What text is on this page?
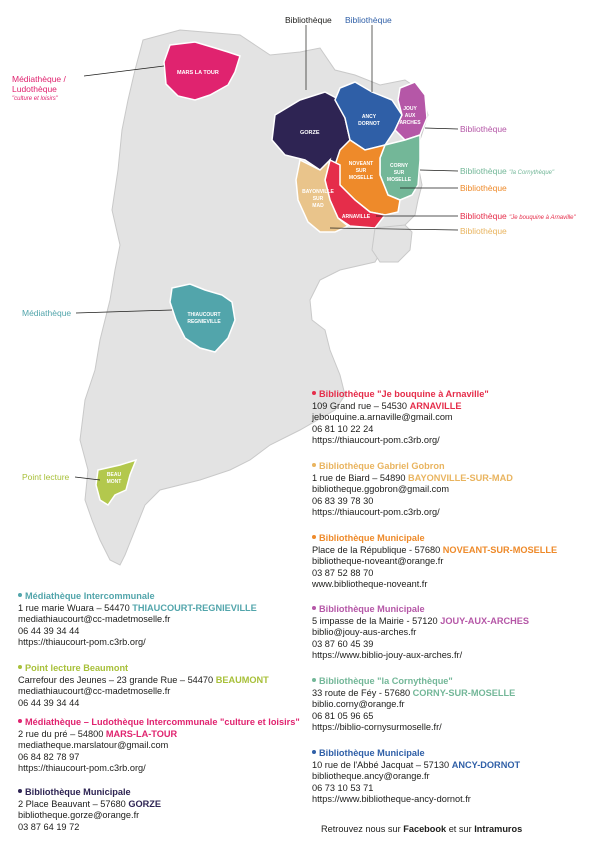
MARS LA TOUR
GORZE
ANCY
DORNOT
JOUY
AUX
ARCHES
CORNY
SUR
MOSELLE
NOVEANT
SUR
MOSELLE
BAYONVILLE
SUR
MAD
ARNAVILLE
THIAUCOURT
REGNIEVILLE
BEAU
MONT
Bibliothèque Bibliothèque
Médiathèque /
Ludothèque
"culture et loisirs"
Bibliothèque
Bibliothèque "la Cornythèque"
Bibliothèque
Bibliothèque "Je bouquine à Arnaville"
Bibliothèque
Médiathèque
Point lecture
Bibliothèque "Je bouquine à Arnaville"
109 Grand rue – 54530 ARNAVILLE
jebouquine.a.arnaville@gmail.com
06 81 10 22 24
https://thiaucourt-pom.c3rb.org/
Bibliothèque Gabriel Gobron
1 rue de Biard – 54890 BAYONVILLE-SUR-MAD
bibliotheque.ggobron@gmail.com
06 83 39 78 30
https://thiaucourt-pom.c3rb.org/
Bibliothèque Municipale
Place de la République - 57680 NOVEANT-SUR-MOSELLE
bibliotheque-noveant@orange.fr
03 87 52 88 70
www.bibliotheque-noveant.fr
Bibliothèque Municipale
5 impasse de la Mairie - 57120 JOUY-AUX-ARCHES
biblio@jouy-aus-arches.fr
03 87 60 45 39
https://www.biblio-jouy-aux-arches.fr/
Bibliothèque "la Cornythèque"
33 route de Féy - 57680 CORNY-SUR-MOSELLE
biblio.corny@orange.fr
06 81 05 96 65
https://biblio-cornysurmoselle.fr/
Bibliothèque Municipale
10 rue de l'Abbé Jacquat – 57130 ANCY-DORNOT
bibliotheque.ancy@orange.fr
06 73 10 53 71
https://www.bibliotheque-ancy-dornot.fr
Médiathèque Intercommunale
1 rue marie Wuara – 54470 THIAUCOURT-REGNIEVILLE
mediathiaucourt@cc-madetmoselle.fr
06 44 39 34 44
https://thiaucourt-pom.c3rb.org/
Point lecture Beaumont
Carrefour des Jeunes – 23 grande Rue – 54470 BEAUMONT
mediathiaucourt@cc-madetmoselle.fr
06 44 39 34 44
Médiathèque – Ludothèque Intercommunale "culture et loisirs"
2 rue du pré – 54800 MARS-LA-TOUR
mediatheque.marslatour@gmail.com
06 84 82 78 97
https://thiaucourt-pom.c3rb.org/
Bibliothèque Municipale
2 Place Beauvant – 57680 GORZE
bibliotheque.gorze@orange.fr
03 87 64 19 72	Retrouvez nous sur Facebook et sur Intramuros
